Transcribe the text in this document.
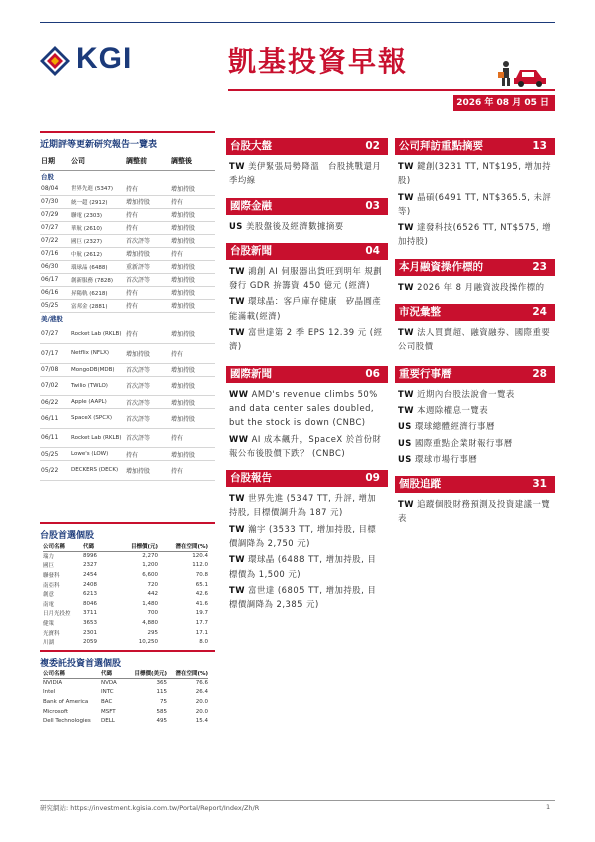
KGI	凱基投資早報
2026 年 08 月 05 日
近期評等更新研究報告一覽表
日期	公司	調整前	調整後
台股			
08/04	世界先進 (5347)	持有	增加持股
07/30	統一超 (2912)	增加持股	持有
07/29	聯電 (2303)	持有	增加持股
07/27	華航 (2610)	持有	增加持股
07/22	國巨 (2327)	首次評等	增加持股
07/16	中航 (2612)	增加持股	持有
06/30	環球晶 (6488)	重新評等	增加持股
06/17	創新服務 (7828)	首次評等	增加持股
06/16	昇陽軌 (6218)	持有	增加持股
05/25	富邦金 (2881)	持有	增加持股
美/港股			
07/27	Rocket Lab (RKLB)	持有	增加持股
07/17	Netflix (NFLX)	增加持股	持有
07/08	MongoDB(MDB)	首次評等	增加持股
07/02	Twilio (TWLO)	首次評等	增加持股
06/22	Apple (AAPL)	首次評等	增加持股
06/11	SpaceX (SPCX)	首次評等	增加持股
06/11	Rocket Lab (RKLB)	首次評等	持有
05/25	Lowe's (LOW)	持有	增加持股
05/22	DECKERS (DECK)	增加持股	持有
台股首選個股
公司名稱	代碼	目標價(元)	潛在空間(%)
瑞力	8996	2,270	120.4
國巨	2327	1,200	112.0
聯發科	2454	6,600	70.8
南亞科	2408	720	65.1
創意	6213	442	42.6
南電	8046	1,480	41.6
日月光投控	3711	700	19.7
健策	3653	4,880	17.7
光寶科	2301	295	17.1
川湖	2059	10,250	8.0
複委託投資首選個股
公司名稱	代碼	目標價(美元)	潛在空間(%)
NVIDIA	NVDA	365	76.6
Intel	INTC	115	26.4
Bank of America	BAC	75	20.0
Microsoft	MSFT	585	20.0
Dell Technologies	DELL	495	15.4
台股大盤	02
TW 美伊緊張局勢降溫　台股挑戰還月季均線
國際金融	03
US 美股盤後及經濟數據摘要
台股新聞	04
TW 鴻創 AI 伺服器出貨旺到明年 規劃發行 GDR 拚籌資 450 億元 (經濟)
TW 環球晶：客戶庫存健康　矽晶圓產能滿載(經濟)
TW 富世達第 2 季 EPS 12.39 元 (經濟)
國際新聞	06
WW AMD's revenue climbs 50% and data center sales doubled, but the stock is down (CNBC)
WW AI 成本飆升，SpaceX 於首份財報公布後股價下跌？ (CNBC)
台股報告	09
TW 世界先進 (5347 TT, 升評, 增加持股, 目標價調升為 187 元)
TW 瀚宇 (3533 TT, 增加持股, 目標價調降為 2,750 元)
TW 環球晶 (6488 TT, 增加持股, 目標價為 1,500 元)
TW 富世達 (6805 TT, 增加持股, 目標價調降為 2,385 元)
公司拜訪重點摘要	13
TW 鍵創(3231 TT, NT$195, 增加持股)
TW 晶碩(6491 TT, NT$365.5, 未評等)
TW 達發科技(6526 TT, NT$575, 增加持股)
本月融資操作標的	23
TW 2026 年 8 月融資波段操作標的
市況彙整	24
TW 法人買賣超、融資融券、國際重要公司股價
重要行事曆	28
TW 近期內台股法說會一覽表
TW 本週除權息一覽表
US 環球總體經濟行事曆
US 國際重點企業財報行事曆
US 環球市場行事曆
個股追蹤	31
TW 追蹤個股財務預測及投資建議一覽表
研究網站: https://investment.kgisia.com.tw/Portal/Report/Index/Zh/R	1
